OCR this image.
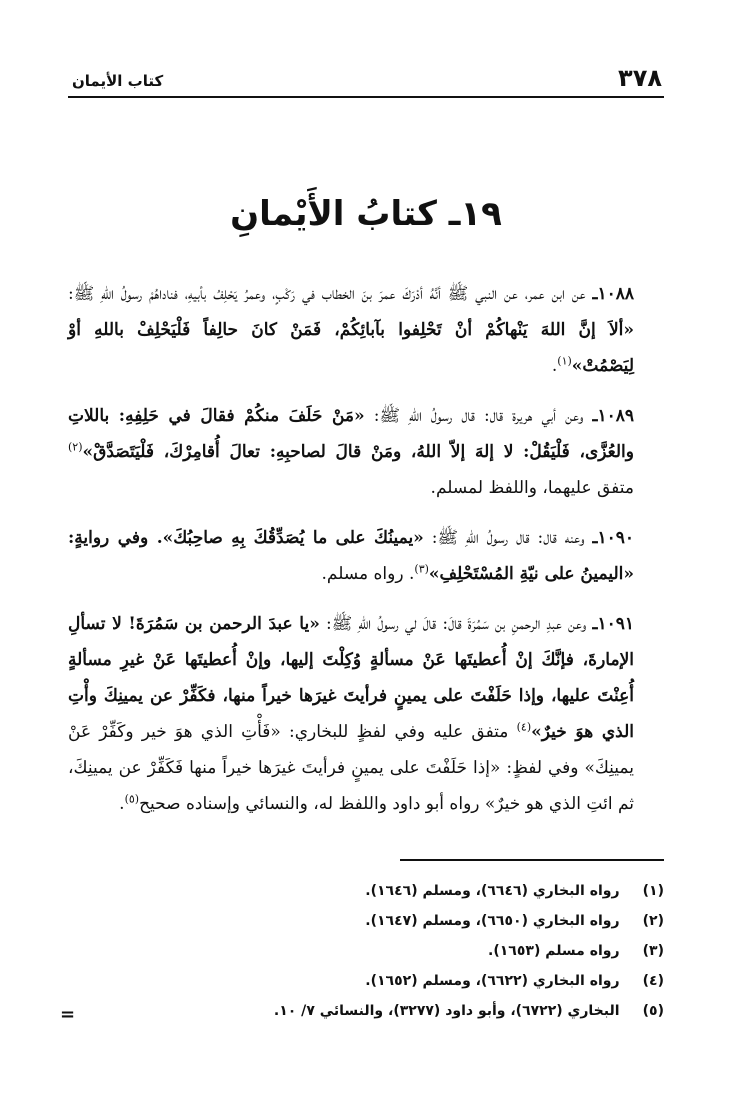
٣٧٨
كتاب الأيمان
١٩ـ كتابُ الأَيْمانِ

١٠٨٨ـ عن ابن عمر، عن النبي ﷺ أنَّهُ أدْرَكَ عمرَ بنَ الخطاب في رَكْبٍ، وعمرُ يَحْلِفُ بأبيهِ، فناداهُمْ رسولُ اللهِ ﷺ: «ألاَ إنَّ اللهَ يَنْهاكُمْ أنْ تَحْلِفوا بآبائِكُمْ، فَمَنْ كانَ حالِفاً فَلْيَحْلِفْ باللهِ أوْ لِيَصْمُتْ»$^{(١)}$.

١٠٨٩ـ وعن أبي هريرة قال: قال رسولُ اللهِ ﷺ: «مَنْ حَلَفَ منكُمْ فقالَ في حَلِفِهِ: باللاتِ والعُزَّى، فَلْيَقُلْ: لا إلهَ إلاّ اللهُ، ومَنْ قالَ لصاحبِهِ: تعالَ أُقامِرْكَ، فَلْيَتَصَدَّقْ»$^{(٢)}$ متفق عليهما، واللفظ لمسلم.

١٠٩٠ـ وعنه قال: قال رسولُ اللهِ ﷺ: «يمينُكَ على ما يُصَدِّقُكَ بِهِ صاحِبُكَ». وفي روايةٍ: «اليمينُ على نيّةِ المُسْتَحْلِفِ»$^{(٣)}$. رواه مسلم.

١٠٩١ـ وعن عبدِ الرحمنِ بن سَمُرَةَ قالَ: قالَ لي رسولُ اللهِ ﷺ: «يا عبدَ الرحمن بن سَمُرَةَ! لا تسألِ الإمارةَ، فإنَّكَ إنْ أُعطيتَها عَنْ مسألةٍ وُكِلْتَ إليها، وإنْ أُعطيتَها عَنْ غيرِ مسألةٍ أُعِنْتَ عليها، وإذا حَلَفْتَ على يمينٍ فرأيتَ غيرَها خيراً منها، فكَفِّرْ عن يمينِكَ وأْتِ الذي هوَ خيرٌ»$^{(٤)}$ متفق عليه وفي لفظٍ للبخاري: «فَأْتِ الذي هوَ خير وكَفِّرْ عَنْ يمينِكَ» وفي لفظٍ: «إذا حَلَفْتَ على يمينٍ فرأيتَ غيرَها خيراً منها فَكَفِّرْ عن يمينِكَ، ثم ائتِ الذي هو خيرٌ» رواه أبو داود واللفظ له، والنسائي وإسناده صحيح$^{(٥)}$.

(١) رواه البخاري (٦٦٤٦)، ومسلم (١٦٤٦).
(٢) رواه البخاري (٦٦٥٠)، ومسلم (١٦٤٧).
(٣) رواه مسلم (١٦٥٣).
(٤) رواه البخاري (٦٦٢٢)، ومسلم (١٦٥٢).
(٥) البخاري (٦٧٢٢)، وأبو داود (٣٢٧٧)، والنسائي ٧/ ١٠.
=
